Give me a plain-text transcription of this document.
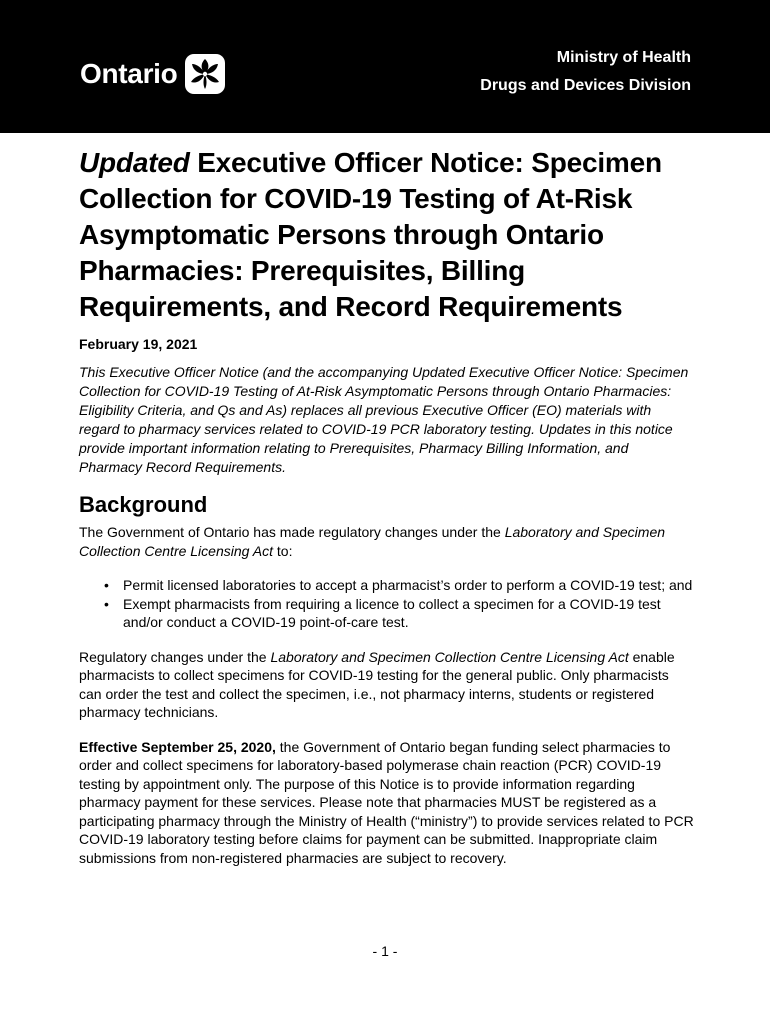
Ontario
Ministry of Health
Drugs and Devices Division
Updated Executive Officer Notice: Specimen Collection for COVID-19 Testing of At-Risk Asymptomatic Persons through Ontario Pharmacies: Prerequisites, Billing Requirements, and Record Requirements
February 19, 2021
This Executive Officer Notice (and the accompanying Updated Executive Officer Notice: Specimen Collection for COVID-19 Testing of At-Risk Asymptomatic Persons through Ontario Pharmacies: Eligibility Criteria, and Qs and As) replaces all previous Executive Officer (EO) materials with regard to pharmacy services related to COVID-19 PCR laboratory testing. Updates in this notice provide important information relating to Prerequisites, Pharmacy Billing Information, and Pharmacy Record Requirements.
Background

The Government of Ontario has made regulatory changes under the Laboratory and Specimen Collection Centre Licensing Act to:

• Permit licensed laboratories to accept a pharmacist’s order to perform a COVID-19 test; and
• Exempt pharmacists from requiring a licence to collect a specimen for a COVID-19 test and/or conduct a COVID-19 point-of-care test.

Regulatory changes under the Laboratory and Specimen Collection Centre Licensing Act enable pharmacists to collect specimens for COVID-19 testing for the general public. Only pharmacists can order the test and collect the specimen, i.e., not pharmacy interns, students or registered pharmacy technicians.

Effective September 25, 2020, the Government of Ontario began funding select pharmacies to order and collect specimens for laboratory-based polymerase chain reaction (PCR) COVID-19 testing by appointment only. The purpose of this Notice is to provide information regarding pharmacy payment for these services. Please note that pharmacies MUST be registered as a participating pharmacy through the Ministry of Health (“ministry”) to provide services related to PCR COVID-19 laboratory testing before claims for payment can be submitted. Inappropriate claim submissions from non-registered pharmacies are subject to recovery.

- 1 -
